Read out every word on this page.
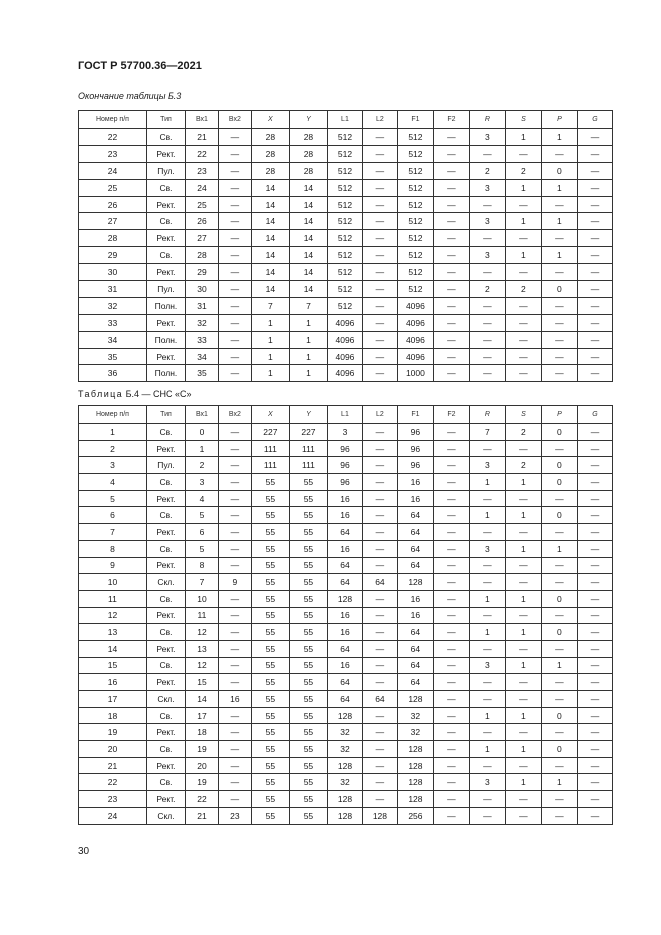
ГОСТ Р 57700.36—2021
Окончание таблицы Б.3
Номер п/п	Тип	Вх1	Вх2	X	Y	L1	L2	F1	F2	R	S	P	G
22	Св.	21	—	28	28	512	—	512	—	3	1	1	—
23	Рект.	22	—	28	28	512	—	512	—	—	—	—	—
24	Пул.	23	—	28	28	512	—	512	—	2	2	0	—
25	Св.	24	—	14	14	512	—	512	—	3	1	1	—
26	Рект.	25	—	14	14	512	—	512	—	—	—	—	—
27	Св.	26	—	14	14	512	—	512	—	3	1	1	—
28	Рект.	27	—	14	14	512	—	512	—	—	—	—	—
29	Св.	28	—	14	14	512	—	512	—	3	1	1	—
30	Рект.	29	—	14	14	512	—	512	—	—	—	—	—
31	Пул.	30	—	14	14	512	—	512	—	2	2	0	—
32	Полн.	31	—	7	7	512	—	4096	—	—	—	—	—
33	Рект.	32	—	1	1	4096	—	4096	—	—	—	—	—
34	Полн.	33	—	1	1	4096	—	4096	—	—	—	—	—
35	Рект.	34	—	1	1	4096	—	4096	—	—	—	—	—
36	Полн.	35	—	1	1	4096	—	1000	—	—	—	—	—
Таблица Б.4 — СНС «С»
Номер п/п	Тип	Вх1	Вх2	X	Y	L1	L2	F1	F2	R	S	P	G
1	Св.	0	—	227	227	3	—	96	—	7	2	0	—
2	Рект.	1	—	111	111	96	—	96	—	—	—	—	—
3	Пул.	2	—	111	111	96	—	96	—	3	2	0	—
4	Св.	3	—	55	55	96	—	16	—	1	1	0	—
5	Рект.	4	—	55	55	16	—	16	—	—	—	—	—
6	Св.	5	—	55	55	16	—	64	—	1	1	0	—
7	Рект.	6	—	55	55	64	—	64	—	—	—	—	—
8	Св.	5	—	55	55	16	—	64	—	3	1	1	—
9	Рект.	8	—	55	55	64	—	64	—	—	—	—	—
10	Скл.	7	9	55	55	64	64	128	—	—	—	—	—
11	Св.	10	—	55	55	128	—	16	—	1	1	0	—
12	Рект.	11	—	55	55	16	—	16	—	—	—	—	—
13	Св.	12	—	55	55	16	—	64	—	1	1	0	—
14	Рект.	13	—	55	55	64	—	64	—	—	—	—	—
15	Св.	12	—	55	55	16	—	64	—	3	1	1	—
16	Рект.	15	—	55	55	64	—	64	—	—	—	—	—
17	Скл.	14	16	55	55	64	64	128	—	—	—	—	—
18	Св.	17	—	55	55	128	—	32	—	1	1	0	—
19	Рект.	18	—	55	55	32	—	32	—	—	—	—	—
20	Св.	19	—	55	55	32	—	128	—	1	1	0	—
21	Рект.	20	—	55	55	128	—	128	—	—	—	—	—
22	Св.	19	—	55	55	32	—	128	—	3	1	1	—
23	Рект.	22	—	55	55	128	—	128	—	—	—	—	—
24	Скл.	21	23	55	55	128	128	256	—	—	—	—	—
30
